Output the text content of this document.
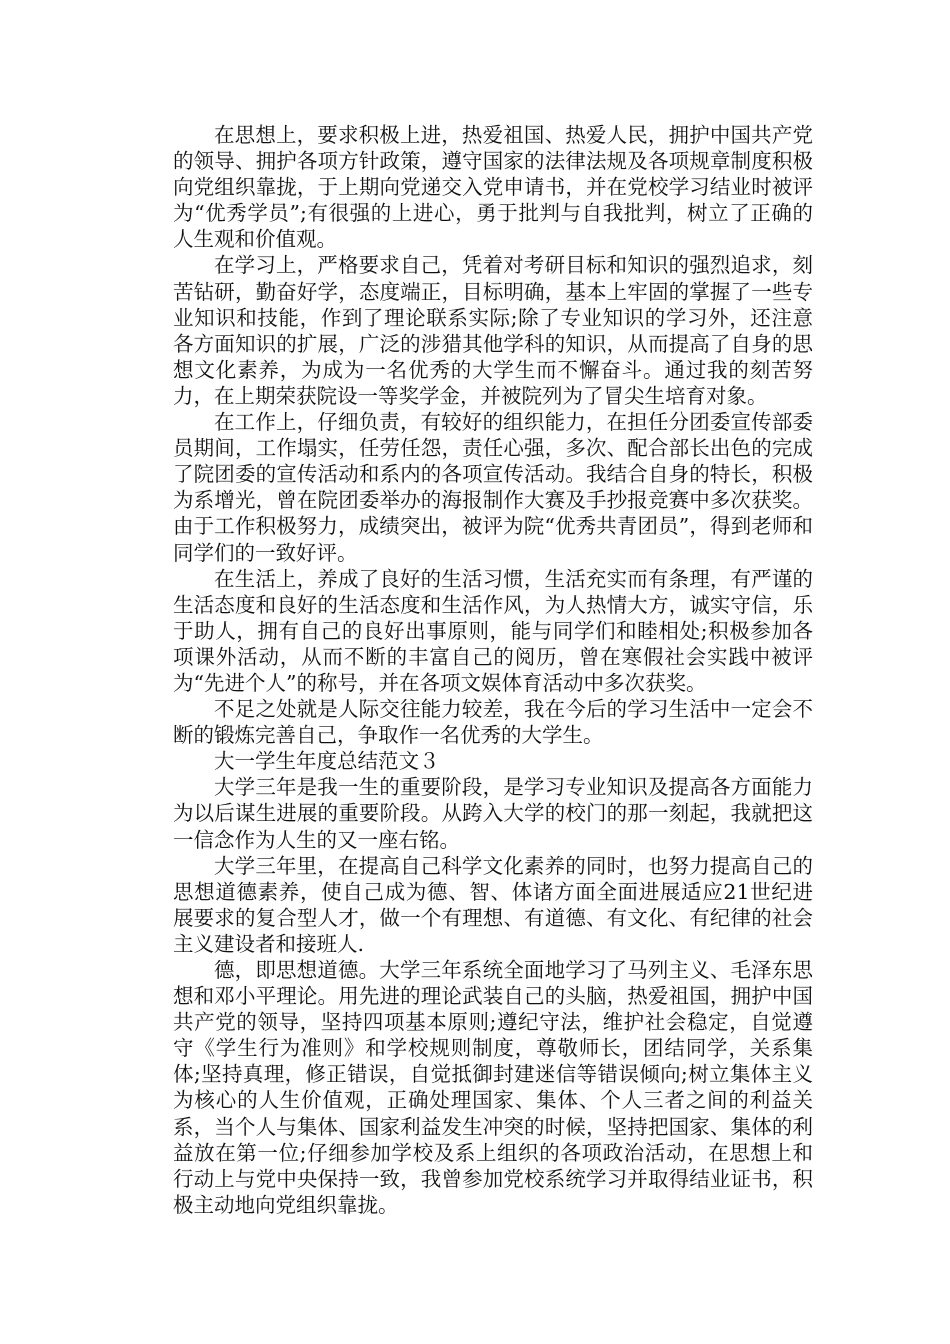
在思想上，要求积极上进，热爱祖国、热爱人民，拥护中国共产党的领导、拥护各项方针政策，遵守国家的法律法规及各项规章制度积极向党组织靠拢，于上期向党递交入党申请书，并在党校学习结业时被评为“优秀学员”;有很强的上进心，勇于批判与自我批判，树立了正确的人生观和价值观。

在学习上，严格要求自己，凭着对考研目标和知识的强烈追求，刻苦钻研，勤奋好学，态度端正，目标明确，基本上牢固的掌握了一些专业知识和技能，作到了理论联系实际;除了专业知识的学习外，还注意各方面知识的扩展，广泛的涉猎其他学科的知识，从而提高了自身的思想文化素养，为成为一名优秀的大学生而不懈奋斗。通过我的刻苦努力，在上期荣获院设一等奖学金，并被院列为了冒尖生培育对象。

在工作上，仔细负责，有较好的组织能力，在担任分团委宣传部委员期间，工作塌实，任劳任怨，责任心强，多次、配合部长出色的完成了院团委的宣传活动和系内的各项宣传活动。我结合自身的特长，积极为系增光，曾在院团委举办的海报制作大赛及手抄报竞赛中多次获奖。由于工作积极努力，成绩突出，被评为院“优秀共青团员”，得到老师和同学们的一致好评。

在生活上，养成了良好的生活习惯，生活充实而有条理，有严谨的生活态度和良好的生活态度和生活作风，为人热情大方，诚实守信，乐于助人，拥有自己的良好出事原则，能与同学们和睦相处;积极参加各项课外活动，从而不断的丰富自己的阅历，曾在寒假社会实践中被评为“先进个人”的称号，并在各项文娱体育活动中多次获奖。

不足之处就是人际交往能力较差，我在今后的学习生活中一定会不断的锻炼完善自己，争取作一名优秀的大学生。

大一学生年度总结范文３

大学三年是我一生的重要阶段，是学习专业知识及提高各方面能力为以后谋生进展的重要阶段。从跨入大学的校门的那一刻起，我就把这一信念作为人生的又一座右铭。

大学三年里，在提高自己科学文化素养的同时，也努力提高自己的思想道德素养，使自己成为德、智、体诸方面全面进展适应21世纪进展要求的复合型人才，做一个有理想、有道德、有文化、有纪律的社会主义建设者和接班人.

德，即思想道德。大学三年系统全面地学习了马列主义、毛泽东思想和邓小平理论。用先进的理论武装自己的头脑，热爱祖国，拥护中国共产党的领导，坚持四项基本原则;遵纪守法，维护社会稳定，自觉遵守《学生行为准则》和学校规则制度，尊敬师长，团结同学，关系集体;坚持真理，修正错误，自觉抵御封建迷信等错误倾向;树立集体主义为核心的人生价值观，正确处理国家、集体、个人三者之间的利益关系，当个人与集体、国家利益发生冲突的时候，坚持把国家、集体的利益放在第一位;仔细参加学校及系上组织的各项政治活动，在思想上和行动上与党中央保持一致，我曾参加党校系统学习并取得结业证书，积极主动地向党组织靠拢。
